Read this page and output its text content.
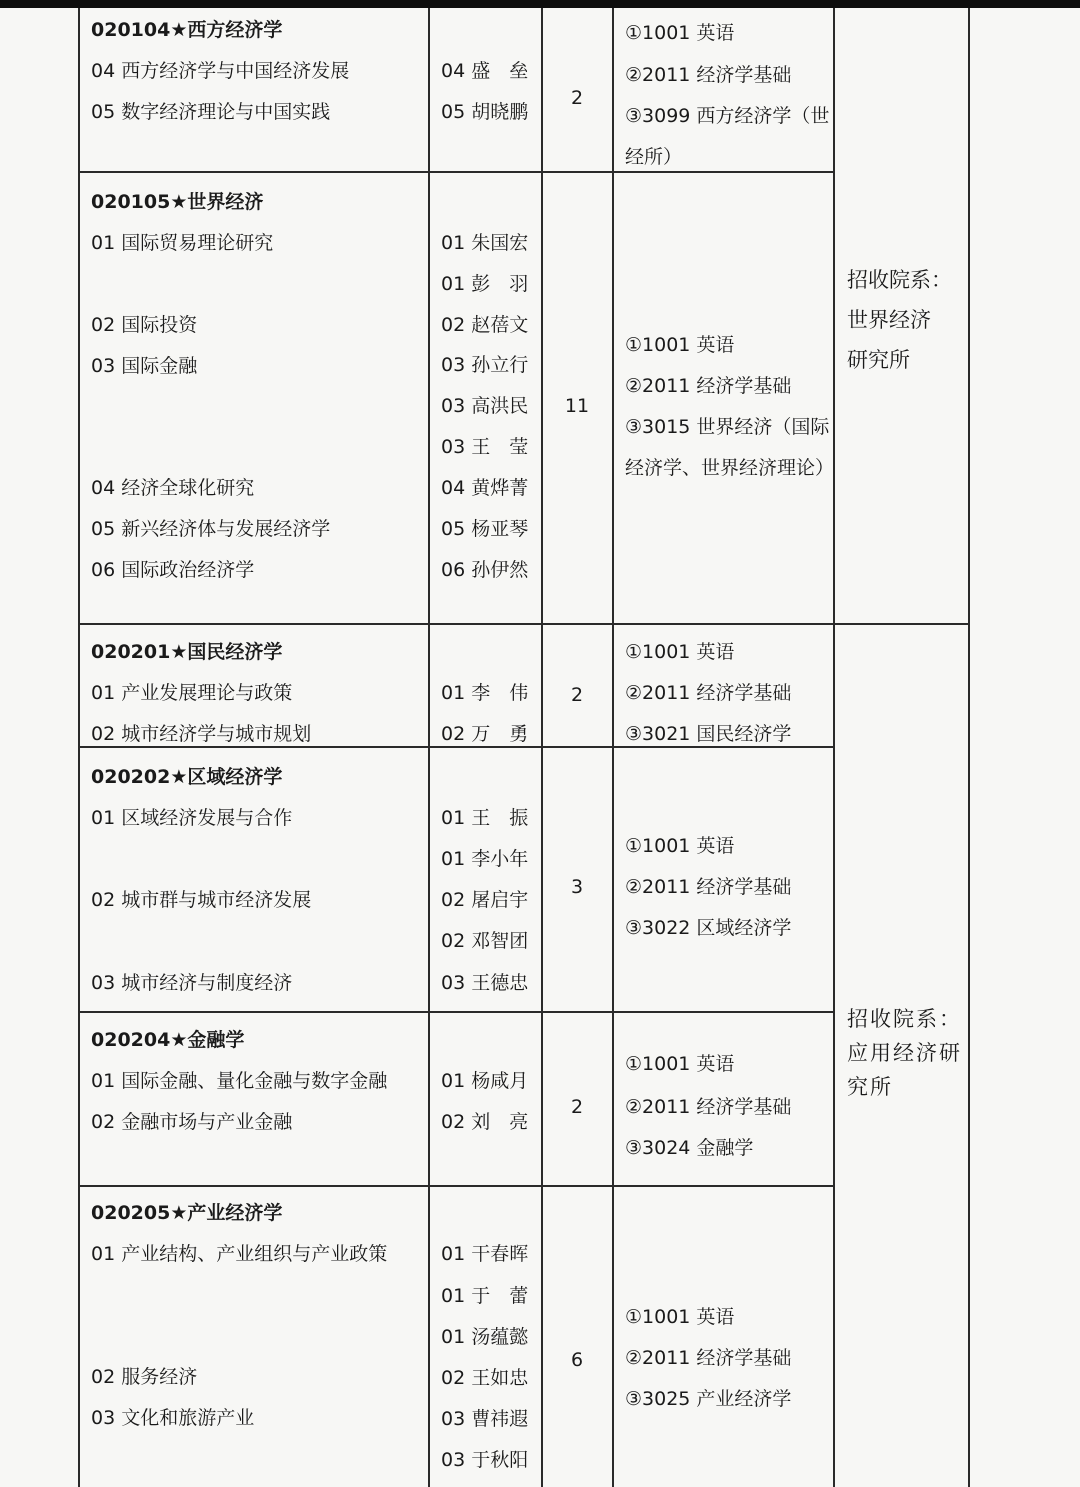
020104★西方经济学
04 西方经济学与中国经济发展
05 数字经济理论与中国实践
04 盛　垒
05 胡晓鹏
2
①1001 英语
②2011 经济学基础
③3099 西方经济学（世
经所）
020105★世界经济
01 国际贸易理论研究
02 国际投资
03 国际金融
04 经济全球化研究
05 新兴经济体与发展经济学
06 国际政治经济学
01 朱国宏
01 彭　羽
02 赵蓓文
03 孙立行
03 高洪民
03 王　莹
04 黄烨菁
05 杨亚琴
06 孙伊然
11
①1001 英语
②2011 经济学基础
③3015 世界经济（国际
经济学、世界经济理论）
020201★国民经济学
01 产业发展理论与政策
02 城市经济学与城市规划
01 李　伟
02 万　勇
2
①1001 英语
②2011 经济学基础
③3021 国民经济学
020202★区域经济学
01 区域经济发展与合作
02 城市群与城市经济发展
03 城市经济与制度经济
01 王　振
01 李小年
02 屠启宇
02 邓智团
03 王德忠
3
①1001 英语
②2011 经济学基础
③3022 区域经济学
020204★金融学
01 国际金融、量化金融与数字金融
02 金融市场与产业金融
01 杨咸月
02 刘　亮
2
①1001 英语
②2011 经济学基础
③3024 金融学
020205★产业经济学
01 产业结构、产业组织与产业政策
02 服务经济
03 文化和旅游产业
01 干春晖
01 于　蕾
01 汤蕴懿
02 王如忠
03 曹祎遐
03 于秋阳
6
①1001 英语
②2011 经济学基础
③3025 产业经济学
招收院系：
世界经济
研究所
招收院系：
应用经济研
究所
